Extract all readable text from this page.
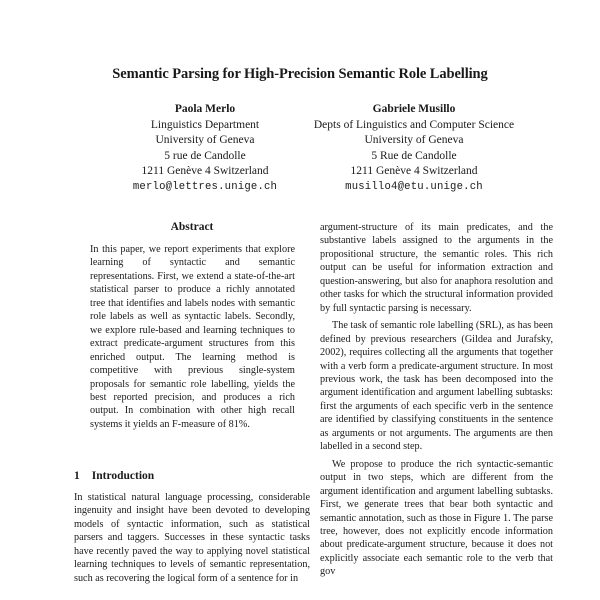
Semantic Parsing for High-Precision Semantic Role Labelling
Paola Merlo
Linguistics Department
University of Geneva
5 rue de Candolle
1211 Genève 4 Switzerland
merlo@lettres.unige.ch
Gabriele Musillo
Depts of Linguistics and Computer Science
University of Geneva
5 Rue de Candolle
1211 Genève 4 Switzerland
musillo4@etu.unige.ch
Abstract

In this paper, we report experiments that explore learning of syntactic and semantic representations. First, we extend a state-of-the-art statistical parser to produce a richly annotated tree that identifies and labels nodes with semantic role labels as well as syntactic labels. Secondly, we explore rule-based and learning techniques to extract predicate-argument structures from this enriched output. The learning method is competitive with previous single-system proposals for semantic role labelling, yields the best reported precision, and produces a rich output. In combination with other high recall systems it yields an F-measure of 81%.

1 Introduction

In statistical natural language processing, considerable ingenuity and insight have been devoted to developing models of syntactic information, such as statistical parsers and taggers. Successes in these syntactic tasks have recently paved the way to applying novel statistical learning techniques to levels of semantic representation, such as recovering the logical form of a sentence for in

argument-structure of its main predicates, and the substantive labels assigned to the arguments in the propositional structure, the semantic roles. This rich output can be useful for information extraction and question-answering, but also for anaphora resolution and other tasks for which the structural information provided by full syntactic parsing is necessary.

The task of semantic role labelling (SRL), as has been defined by previous researchers (Gildea and Jurafsky, 2002), requires collecting all the arguments that together with a verb form a predicate-argument structure. In most previous work, the task has been decomposed into the argument identification and argument labelling subtasks: first the arguments of each specific verb in the sentence are identified by classifying constituents in the sentence as arguments or not arguments. The arguments are then labelled in a second step.

We propose to produce the rich syntactic-semantic output in two steps, which are different from the argument identification and argument labelling subtasks. First, we generate trees that bear both syntactic and semantic annotation, such as those in Figure 1. The parse tree, however, does not explicitly encode information about predicate-argument structure, because it does not explicitly associate each semantic role to the verb that gov
